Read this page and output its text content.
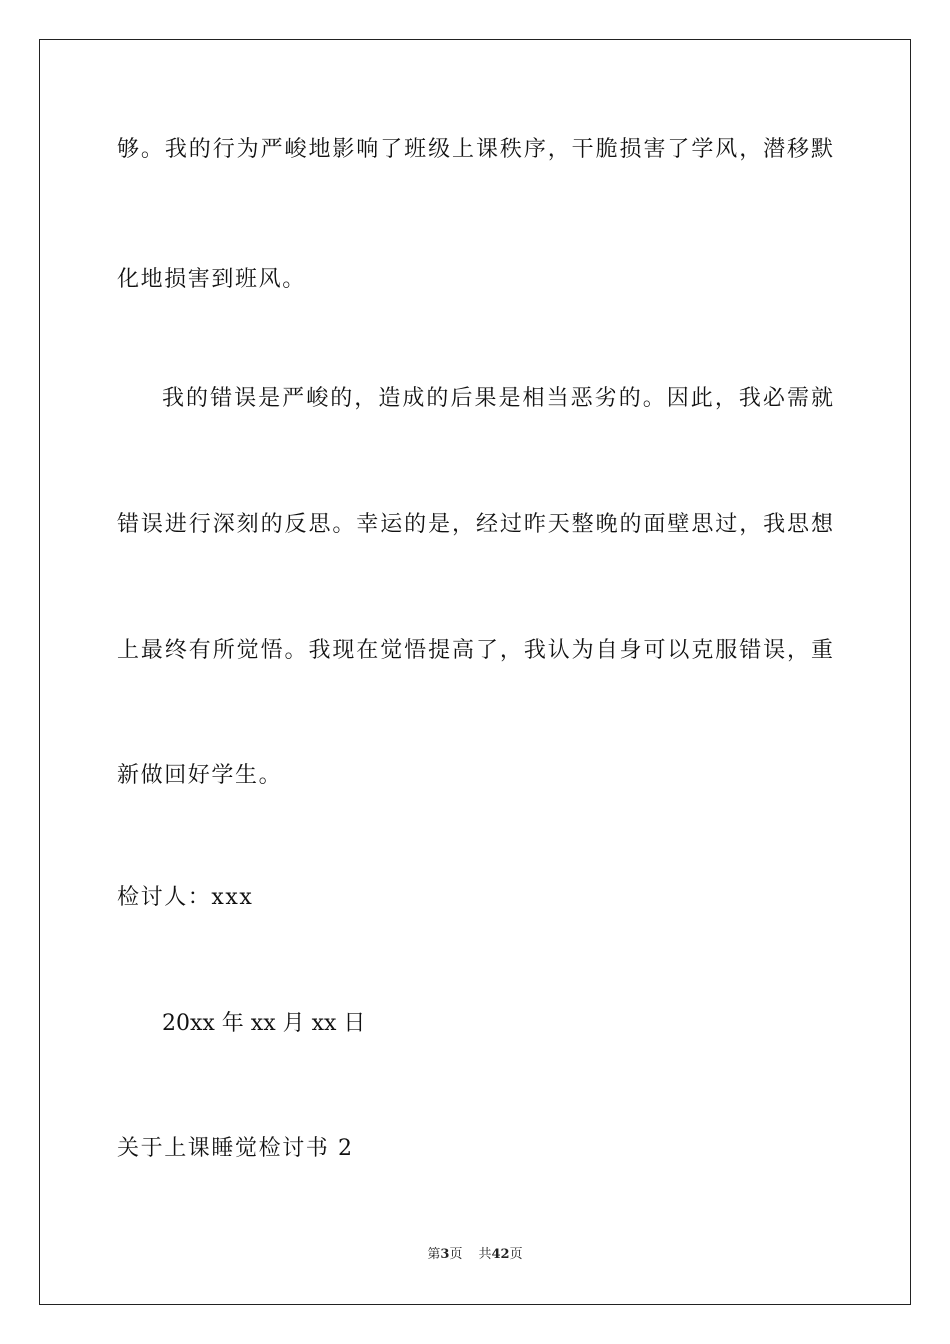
够。我的行为严峻地影响了班级上课秩序，干脆损害了学风，潜移默
化地损害到班风。
我的错误是严峻的，造成的后果是相当恶劣的。因此，我必需就
错误进行深刻的反思。幸运的是，经过昨天整晚的面壁思过，我思想
上最终有所觉悟。我现在觉悟提高了，我认为自身可以克服错误，重
新做回好学生。
检讨人：xxx
20xx 年 xx 月 xx 日
关于上课睡觉检讨书 2
第3页 共42页
